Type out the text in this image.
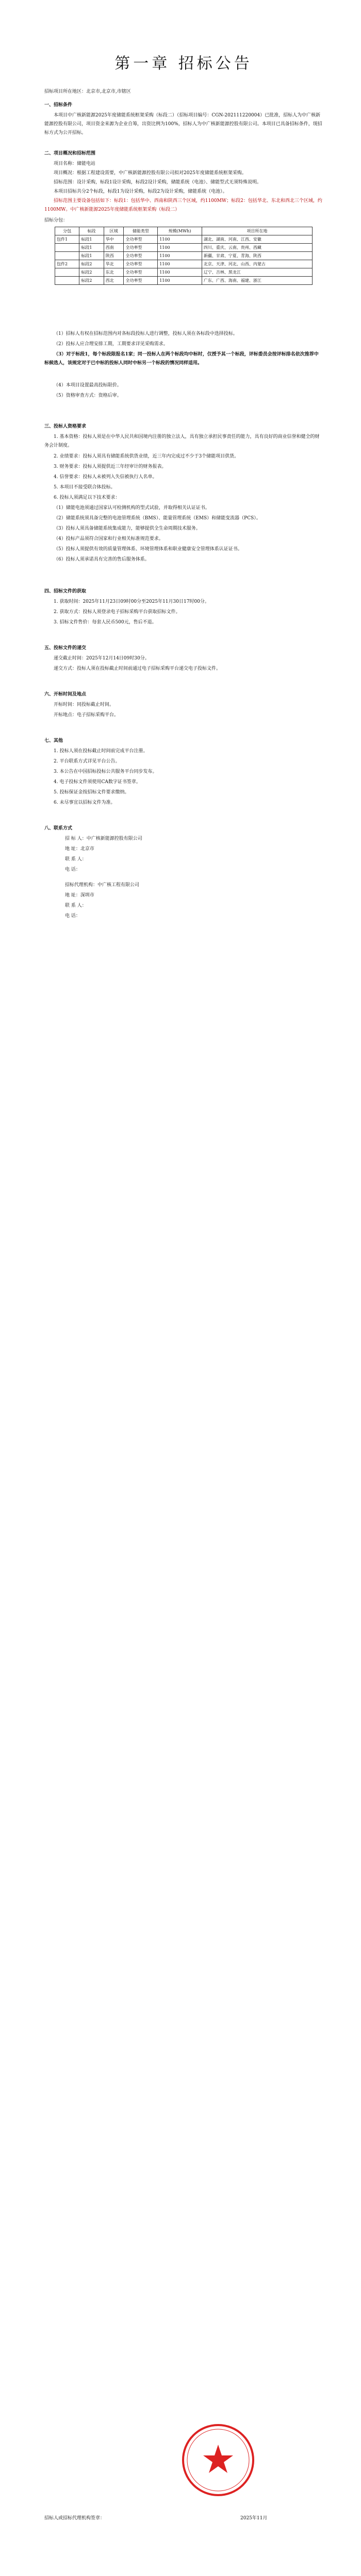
第一章 招标公告
招标项目所在地区：北京市,北京市,市辖区
一、招标条件
本项目中广核新能源2025年度储能系统框架采购（标段二）（招标项目编号：CGN-202111220004）已批准，招标人为中广核新能源控股有限公司，项目资金来源为企业自筹，出资比例为100%，招标人为中广核新能源控股有限公司。本项目已具备招标条件，现招标方式为公开招标。
二、项目概况和招标范围
项目名称：储能电站
项目概况：根据工程建设需要，中广核新能源控股有限公司拟对2025年度储能系统框架采购。
招标范围：设计采购，标段1设计采购，标段2设计采购，储能系统（电池）、储能型式无须特殊说明。
本项目招标共分2个标段，标段1为设计采购，标段2为设计采购，储能系统（电池）。
招标范围主要设备包括如下：标段1：包括华中、西南和陕西三个区域，约1100MW；标段2：包括华北、东北和西北三个区域，约1100MW。中广核新能源2025年度储能系统框架采购（标段二）
招标分包：
分包	标段	区域	储能类型	规模(MWh)	项目所在地
包件1	标段1	华中	全功率型	1100	湖北、湖南、河南、江西、安徽
	标段1	西南	全功率型	1100	四川、重庆、云南、贵州、西藏
	标段1	陕西	全功率型	1100	新疆、甘肃、宁夏、青海、陕西
包件2	标段2	华北	全功率型	1100	北京、天津、河北、山西、内蒙古
	标段2	东北	全功率型	1100	辽宁、吉林、黑龙江
	标段2	西北	全功率型	1100	广东、广西、海南、福建、浙江
（1）招标人有权在招标范围内对各标段投标人进行调整，投标人须在各标段中选择投标。
（2）投标人应合理安排工期，工期要求详见采购需求。
（3）对于标段1，每个标段限报名1家；同一投标人在两个标段均中标时，仅授予其一个标段，评标委员会按评标排名依次推荐中标候选人，该规定对于已中标的投标人同时中标另一个标段的情况同样适用。
（4）本项目设置最高投标限价。
（5）资格审查方式：资格后审。
三、投标人资格要求
1. 基本资格：投标人须是在中华人民共和国境内注册的独立法人，具有独立承担民事责任的能力，具有良好的商业信誉和健全的财务会计制度。
2. 业绩要求：投标人须具有储能系统供货业绩，近三年内完成过不少于3个储能项目供货。
3. 财务要求：投标人须提供近三年经审计的财务报表。
4. 信誉要求：投标人未被列入失信被执行人名单。
5. 本项目不接受联合体投标。
6. 投标人须满足以下技术要求：
（1）储能电池须通过国家认可检测机构的型式试验，并取得相关认证证书。
（2）储能系统须具备完整的电池管理系统（BMS）、能量管理系统（EMS）和储能变流器（PCS）。
（3）投标人须具备储能系统集成能力，能够提供全生命周期技术服务。
（4）投标产品须符合国家和行业相关标准规范要求。
（5）投标人须提供有效的质量管理体系、环境管理体系和职业健康安全管理体系认证证书。
（6）投标人须承诺具有完善的售后服务体系。
四、招标文件的获取
1. 获取时间：2025年11月23日09时00分至2025年11月30日17时00分。
2. 获取方式：投标人须登录电子招标采购平台获取招标文件。
3. 招标文件售价：每套人民币500元，售后不退。
五、投标文件的递交
递交截止时间：2025年12月14日09时30分。
递交方式：投标人须在投标截止时间前通过电子招标采购平台递交电子投标文件。
六、开标时间及地点
开标时间：同投标截止时间。
开标地点：电子招标采购平台。
七、其他
1. 投标人须在投标截止时间前完成平台注册。
2. 平台联系方式详见平台公告。
3. 本公告在中国招标投标公共服务平台同步发布。
4. 电子投标文件须使用CA数字证书签章。
5. 投标保证金按招标文件要求缴纳。
6. 未尽事宜以招标文件为准。
八、联系方式
招 标 人：中广核新能源控股有限公司
地 址：北京市
联 系 人：
电 话：
招标代理机构：中广核工程有限公司
地 址：深圳市
联 系 人：
电 话：
招标人或招标代理机构签章：	2025年11月
